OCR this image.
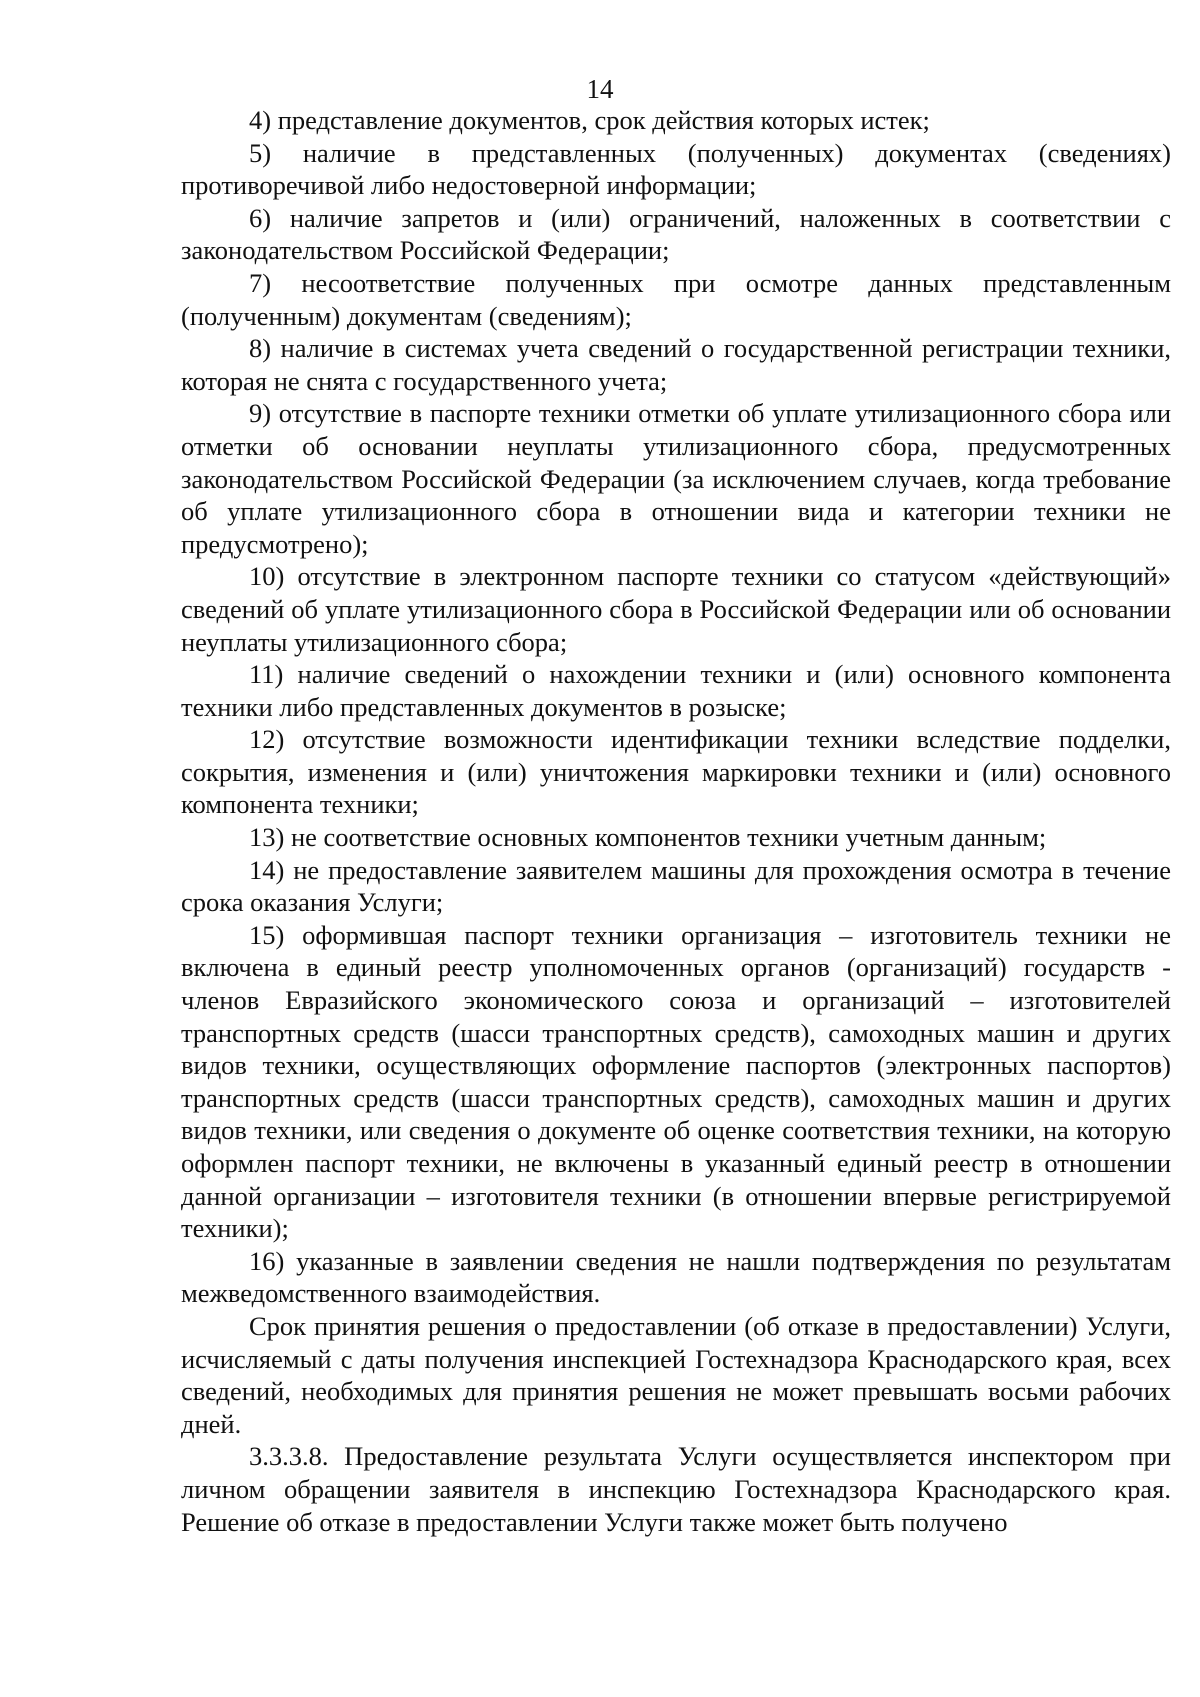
14

4) представление документов, срок действия которых истек;

5) наличие в представленных (полученных) документах (сведениях) противоречивой либо недостоверной информации;

6) наличие запретов и (или) ограничений, наложенных в соответствии с законодательством Российской Федерации;

7) несоответствие полученных при осмотре данных представленным (полученным) документам (сведениям);

8) наличие в системах учета сведений о государственной регистрации техники, которая не снята с государственного учета;

9) отсутствие в паспорте техники отметки об уплате утилизационного сбора или отметки об основании неуплаты утилизационного сбора, предусмотренных законодательством Российской Федерации (за исключением случаев, когда требование об уплате утилизационного сбора в отношении вида и категории техники не предусмотрено);

10) отсутствие в электронном паспорте техники со статусом «действующий» сведений об уплате утилизационного сбора в Российской Федерации или об основании неуплаты утилизационного сбора;

11) наличие сведений о нахождении техники и (или) основного компонента техники либо представленных документов в розыске;

12) отсутствие возможности идентификации техники вследствие подделки, сокрытия, изменения и (или) уничтожения маркировки техники и (или) основного компонента техники;

13) не соответствие основных компонентов техники учетным данным;

14) не предоставление заявителем машины для прохождения осмотра в течение срока оказания Услуги;

15) оформившая паспорт техники организация – изготовитель техники не включена в единый реестр уполномоченных органов (организаций) государств - членов Евразийского экономического союза и организаций – изготовителей транспортных средств (шасси транспортных средств), самоходных машин и других видов техники, осуществляющих оформление паспортов (электронных паспортов) транспортных средств (шасси транспортных средств), самоходных машин и других видов техники, или сведения о документе об оценке соответствия техники, на которую оформлен паспорт техники, не включены в указанный единый реестр в отношении данной организации – изготовителя техники (в отношении впервые регистрируемой техники);

16) указанные в заявлении сведения не нашли подтверждения по результатам межведомственного взаимодействия.

Срок принятия решения о предоставлении (об отказе в предоставлении) Услуги, исчисляемый с даты получения инспекцией Гостехнадзора Краснодарского края, всех сведений, необходимых для принятия решения не может превышать восьми рабочих дней.

3.3.3.8. Предоставление результата Услуги осуществляется инспектором при личном обращении заявителя в инспекцию Гостехнадзора Краснодарского края. Решение об отказе в предоставлении Услуги также может быть получено
